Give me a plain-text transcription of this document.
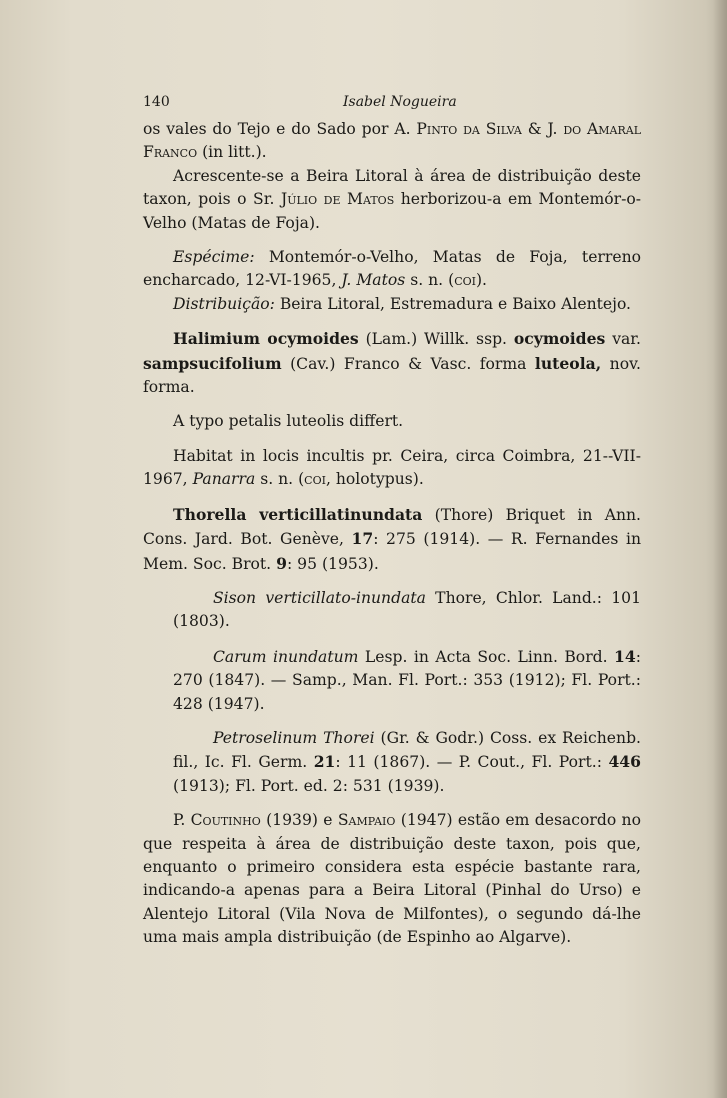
140	Isabel Nogueira

os vales do Tejo e do Sado por A. Pinto da Silva & J. do Amaral Franco (in litt.).

Acrescente-se a Beira Litoral à área de distribuição deste taxon, pois o Sr. Júlio de Matos herborizou-a em Montemór-o-Velho (Matas de Foja).

Espécime: Montemór-o-Velho, Matas de Foja, terreno encharcado, 12-VI-1965, J. Matos s. n. (coi).

Distribuição: Beira Litoral, Estremadura e Baixo Alentejo.

Halimium ocymoides (Lam.) Willk. ssp. ocymoides var. sampsucifolium (Cav.) Franco & Vasc. forma luteola, nov. forma.

A typo petalis luteolis differt.

Habitat in locis incultis pr. Ceira, circa Coimbra, 21--VII-1967, Panarra s. n. (coi, holotypus).

Thorella verticillatinundata (Thore) Briquet in Ann. Cons. Jard. Bot. Genève, 17: 275 (1914). — R. Fernandes in Mem. Soc. Brot. 9: 95 (1953).

Sison verticillato-inundata Thore, Chlor. Land.: 101 (1803).

Carum inundatum Lesp. in Acta Soc. Linn. Bord. 14: 270 (1847). — Samp., Man. Fl. Port.: 353 (1912); Fl. Port.: 428 (1947).

Petroselinum Thorei (Gr. & Godr.) Coss. ex Reichenb. fil., Ic. Fl. Germ. 21: 11 (1867). — P. Cout., Fl. Port.: 446 (1913); Fl. Port. ed. 2: 531 (1939).

P. Coutinho (1939) e Sampaio (1947) estão em desacordo no que respeita à área de distribuição deste taxon, pois que, enquanto o primeiro considera esta espécie bastante rara, indicando-a apenas para a Beira Litoral (Pinhal do Urso) e Alentejo Litoral (Vila Nova de Milfontes), o segundo dá-lhe uma mais ampla distribuição (de Espinho ao Algarve).
